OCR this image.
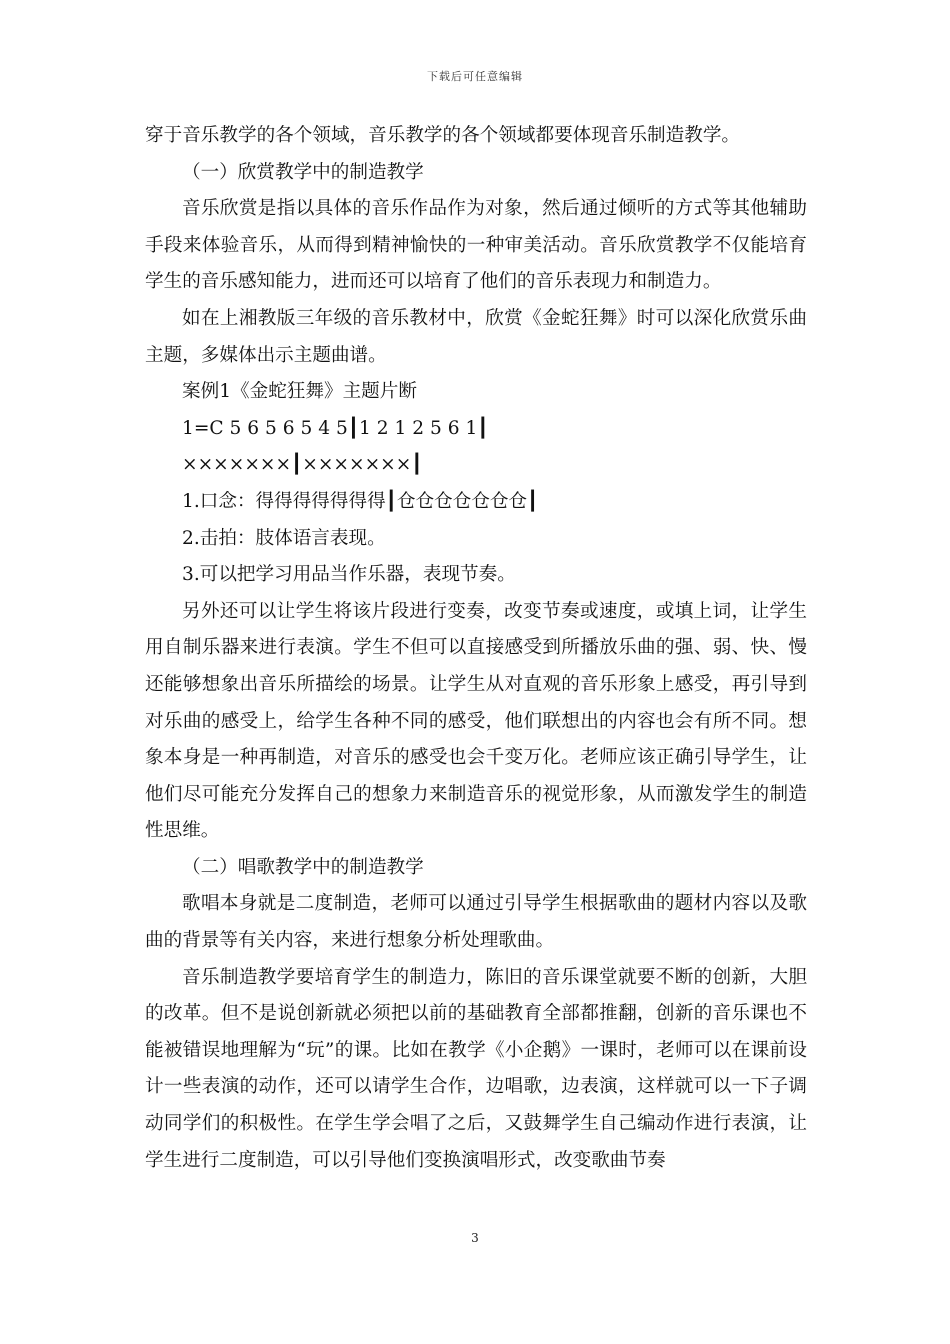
下载后可任意编辑

穿于音乐教学的各个领域，音乐教学的各个领域都要体现音乐制造教学。

（一）欣赏教学中的制造教学

音乐欣赏是指以具体的音乐作品作为对象，然后通过倾听的方式等其他辅助手段来体验音乐，从而得到精神愉快的一种审美活动。音乐欣赏教学不仅能培育学生的音乐感知能力，进而还可以培育了他们的音乐表现力和制造力。

如在上湘教版三年级的音乐教材中，欣赏《金蛇狂舞》时可以深化欣赏乐曲主题，多媒体出示主题曲谱。

案例1《金蛇狂舞》主题片断

1=C 5 6 5 6 5 4 5┃1 2 1 2 5 6 1┃

×××××××┃×××××××┃

1.口念：得得得得得得得┃仓仓仓仓仓仓仓┃

2.击拍：肢体语言表现。

3.可以把学习用品当作乐器，表现节奏。

另外还可以让学生将该片段进行变奏，改变节奏或速度，或填上词，让学生用自制乐器来进行表演。学生不但可以直接感受到所播放乐曲的强、弱、快、慢还能够想象出音乐所描绘的场景。让学生从对直观的音乐形象上感受，再引导到对乐曲的感受上，给学生各种不同的感受，他们联想出的内容也会有所不同。想象本身是一种再制造，对音乐的感受也会千变万化。老师应该正确引导学生，让他们尽可能充分发挥自己的想象力来制造音乐的视觉形象，从而激发学生的制造性思维。

（二）唱歌教学中的制造教学

歌唱本身就是二度制造，老师可以通过引导学生根据歌曲的题材内容以及歌曲的背景等有关内容，来进行想象分析处理歌曲。

音乐制造教学要培育学生的制造力，陈旧的音乐课堂就要不断的创新，大胆的改革。但不是说创新就必须把以前的基础教育全部都推翻，创新的音乐课也不能被错误地理解为“玩”的课。比如在教学《小企鹅》一课时，老师可以在课前设计一些表演的动作，还可以请学生合作，边唱歌，边表演，这样就可以一下子调动同学们的积极性。在学生学会唱了之后，又鼓舞学生自己编动作进行表演，让学生进行二度制造，可以引导他们变换演唱形式，改变歌曲节奏

3
